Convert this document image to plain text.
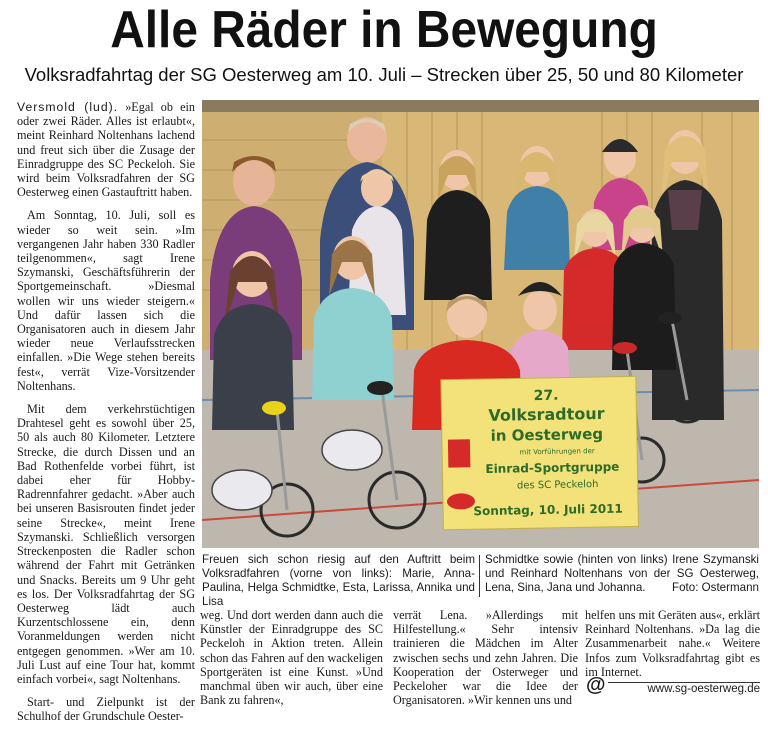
Alle Räder in Bewegung
Volksradfahrtag der SG Oesterweg am 10. Juli – Strecken über 25, 50 und 80 Kilometer

Versmold (lud). »Egal ob ein oder zwei Räder. Alles ist erlaubt«, meint Reinhard Noltenhans lachend und freut sich über die Zusage der Einradgruppe des SC Peckeloh. Sie wird beim Volksradfahren der SG Oesterweg einen Gastauftritt haben.

Am Sonntag, 10. Juli, soll es wieder so weit sein. »Im vergangenen Jahr haben 330 Radler teilgenommen«, sagt Irene Szymanski, Geschäftsführerin der Sportgemeinschaft. »Diesmal wollen wir uns wieder steigern.« Und dafür lassen sich die Organisatoren auch in diesem Jahr wieder neue Verlaufsstrecken einfallen. »Die Wege stehen bereits fest«, verrät Vize-Vorsitzender Noltenhans.

Mit dem verkehrstüchtigen Drahtesel geht es sowohl über 25, 50 als auch 80 Kilometer. Letztere Strecke, die durch Dissen und an Bad Rothenfelde vorbei führt, ist dabei eher für Hobby-Radrennfahrer gedacht. »Aber auch bei unseren Basisrouten findet jeder seine Strecke«, meint Irene Szymanski. Schließlich versorgen Streckenposten die Radler schon während der Fahrt mit Getränken und Snacks. Bereits um 9 Uhr geht es los. Der Volksradfahrtag der SG Oesterweg lädt auch Kurzentschlossene ein, denn Voranmeldungen werden nicht entgegen genommen. »Wer am 10. Juli Lust auf eine Tour hat, kommt einfach vorbei«, sagt Noltenhans.

Start- und Zielpunkt ist der Schulhof der Grundschule Oester-

27.
Volksradtour
in Oesterweg
mit Vorführungen der
Einrad-Sportgruppe
des SC Peckeloh
Sonntag, 10. Juli 2011
Freuen sich schon riesig auf den Auftritt beim Volksradfahren (vorne von links): Marie, Anna-Paulina, Helga Schmidtke, Esta, Larissa, Annika und Lisa
Schmidtke sowie (hinten von links) Irene Szymanski und Reinhard Noltenhans von der SG Oesterweg, Lena, Sina, Jana und Johanna. Foto: Ostermann

weg. Und dort werden dann auch die Künstler der Einradgruppe des SC Peckeloh in Aktion treten. Allein schon das Fahren auf den wackeligen Sportgeräten ist eine Kunst. »Und manchmal üben wir auch, über eine Bank zu fahren«,

verrät Lena. »Allerdings mit Hilfestellung.« Sehr intensiv trainieren die Mädchen im Alter zwischen sechs und zehn Jahren. Die Kooperation der Osterweger und Peckeloher war die Idee der Organisatoren. »Wir kennen uns und

helfen uns mit Geräten aus«, erklärt Reinhard Noltenhans. »Da lag die Zusammenarbeit nahe.« Weitere Infos zum Volksradfahrtag gibt es im Internet.

@	www.sg-oesterweg.de
